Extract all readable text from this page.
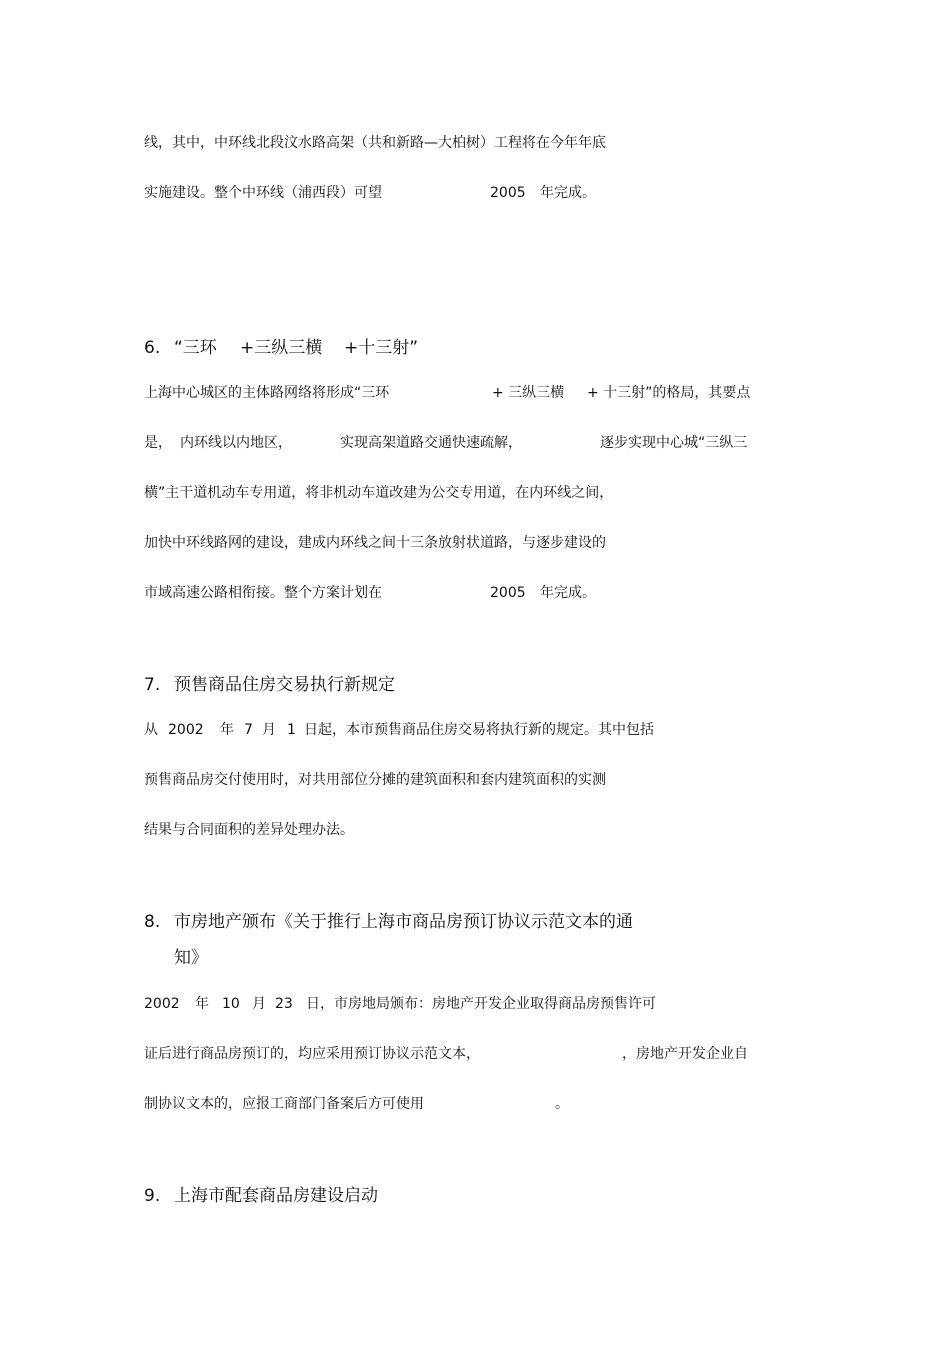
线，其中，中环线北段汶水路高架（共和新路—大柏树）工程将在今年年底
实施建设。整个中环线（浦西段）可望	2005 年完成。
6. “三环 +三纵三横 +十三射”
上海中心城区的主体路网络将形成“三环	+ 三纵三横 + 十三射”的格局，其要点
是， 内环线以内地区，	实现高架道路交通快速疏解，	逐步实现中心城“三纵三
横”主干道机动车专用道，将非机动车道改建为公交专用道，在内环线之间，
加快中环线路网的建设，建成内环线之间十三条放射状道路，与逐步建设的
市域高速公路相衔接。整个方案计划在	2005 年完成。
7. 预售商品住房交易执行新规定
从 2002 年 7 月 1 日起，本市预售商品住房交易将执行新的规定。其中包括
预售商品房交付使用时，对共用部位分摊的建筑面积和套内建筑面积的实测
结果与合同面积的差异处理办法。
8. 市房地产颁布《关于推行上海市商品房预订协议示范文本的通
知》
2002 年 10 月 23 日，市房地局颁布：房地产开发企业取得商品房预售许可
证后进行商品房预订的，均应采用预订协议示范文本，	，房地产开发企业自
制协议文本的，应报工商部门备案后方可使用	。
9. 上海市配套商品房建设启动
